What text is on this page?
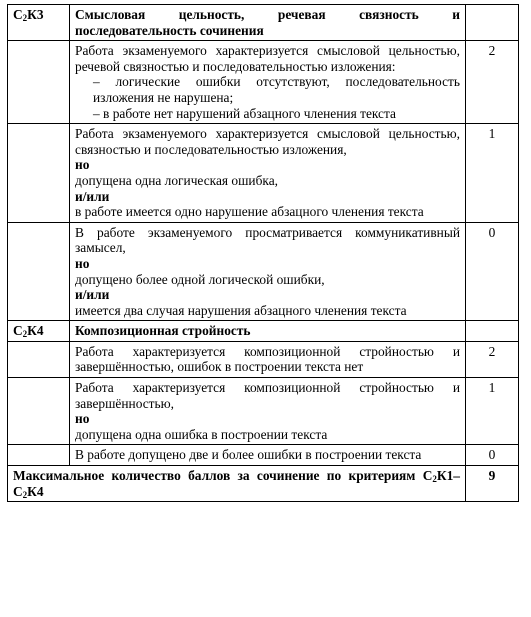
$С_2К3$	Смысловая цельность, речевая связность и последовательность сочинения	

	Работа экзаменуемого характеризуется смысловой цельностью, речевой связностью и последовательностью изложения:

– логические ошибки отсутствуют, последовательность изложения не нарушена;

– в работе нет нарушений абзацного членения текста	2

	Работа экзаменуемого характеризуется смысловой цельностью, связностью и последовательностью изложения,

но

допущена одна логическая ошибка,

и/или

в работе имеется одно нарушение абзацного членения текста	1

	В работе экзаменуемого просматривается коммуникативный замысел,

но

допущено более одной логической ошибки,

и/или

имеется два случая нарушения абзацного членения текста	0
$С_2К4$	Композиционная стройность	

	Работа характеризуется композиционной стройностью и завершённостью, ошибок в построении текста нет	2

	Работа характеризуется композиционной стройностью и завершённостью,

но

допущена одна ошибка в построении текста	1

	В работе допущено две и более ошибки в построении текста	0
Максимальное количество баллов за сочинение по критериям $С_2К1-С_2К4$		9
